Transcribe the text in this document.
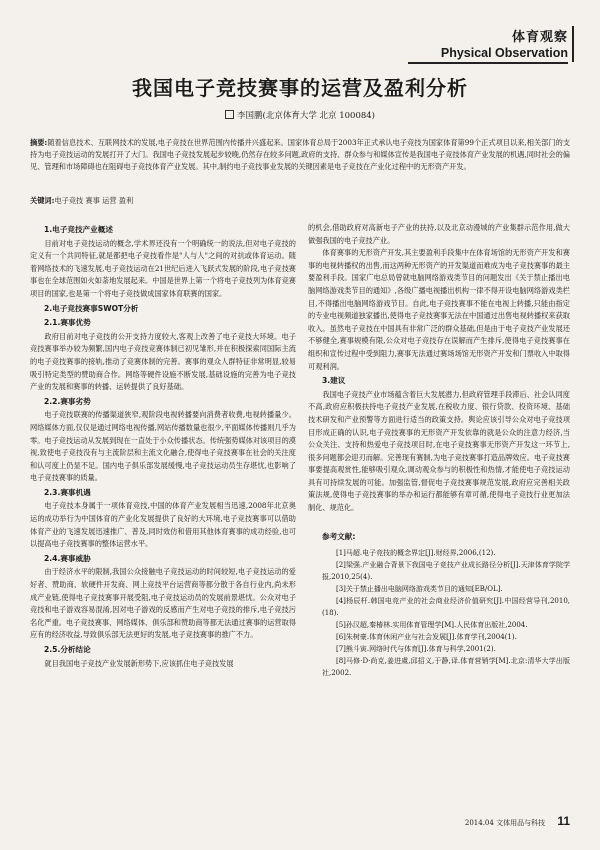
体育观察
Physical Observation
我国电子竞技赛事的运营及盈利分析
李国鹏(北京体育大学 北京 100084)
摘要:随着信息技术、互联网技术的发展,电子竞技在世界范围内传播并兴盛起来。国家体育总局于2003年正式承认电子竞技为国家体育第99个正式项目以来,相关部门的支持为电子竞技运动的发展打开了大门。我国电子竞技发展起步较晚,仍然存在较多问题,政府的支持、群众参与和媒体宣传是我国电子竞技体育产业发展的机遇,同时社会的偏见、管理和市场障碍也在阻碍电子竞技体育产业发展。其中,制约电子竞技事业发展的关键因素是电子竞技在产业化过程中的无形资产开发。
关键词:电子竞技 赛事 运营 盈利
1.电子竞技产业概述

目前对电子竞技运动的概念,学术界还没有一个明确统一的说法,但对电子竞技的定义有一个共同特征,就是都把电子竞技看作是"人与人"之间的对抗或体育运动。随着网络技术的飞速发展,电子竞技运动在21世纪后进入飞跃式发展的阶段,电子竞技赛事也在全球范围如火如荼地发展起来。中国是世界上第一个将电子竞技列为体育竞赛项目的国家,也是第一个将电子竞技做成国家体育联赛的国家。

2.电子竞技赛事SWOT分析
2.1.赛事优势

政府目前对电子竞技的公开支持力度较大,客观上改善了电子竞技大环境。电子竞技赛事举办较为频繁,国内电子竞技竞赛体制已初见雏形,并在积极探索同国际主流的电子竞技赛事的接轨,推动了竞赛体制的完善。赛事的观众人群特征非常明显,较易吸引特定类型的赞助商合作。网络等硬件设施不断发展,基础设施的完善为电子竞技产业的发展和赛事的转播、运转提供了良好基础。

2.2.赛事劣势

电子竞技联赛的传播渠道狭窄,观阶段电视转播要向消费者收费,电视转播量少。网络媒体方面,仅仅是通过网络电视传播,网站传播数量也很少,平面媒体传播则几乎为零。电子竞技运动从发展到现在一直处于小众传播状态。传统强势媒体对该项目的漠视,致使电子竞技没有与主流阶层和主流文化融合,使得电子竞技赛事在社会的关注度和认可度上仍显不足。国内电子俱乐部发展缓慢,电子竞技运动员生存堪忧,也影响了电子竞技赛事的质量。

2.3.赛事机遇

电子竞技本身属于一项体育竞技,中国的体育产业发展相当迅速,2008年北京奥运的成功举行为中国体育的产业化发展提供了良好的大环境,电子竞技赛事可以借助体育产业的飞速发展迅速推广、普及,同时效仿和借用其他体育赛事的成功经验,也可以提高电子竞技赛事的整体运营水平。

2.4.赛事威胁

由于经济水平的限制,我国公众接触电子竞技运动的时间较短,电子竞技运动的爱好者、赞助商、软硬件开发商、网上竞技平台运营商等都分散于各自行业内,尚未形成产业链,使得电子竞技赛事开展受阻,电子竞技运动员的发展前景堪忧。公众对电子竞技和电子游戏容易混淆,因对电子游戏的反感而产生对电子竞技的排斥,电子竞技污名化严重。电子竞技赛事、网络媒体、俱乐部和赞助商等都无法通过赛事的运营取得应有的经济收益,导致俱乐部无法更好的发展,电子竞技赛事的推广不力。

2.5.分析结论

就目我国电子竞技产业发展新形势下,应该抓住电子竞技发展

的机会,借助政府对高新电子产业的扶持,以及北京动漫城的产业集群示范作用,做大做强我国的电子竞技产业。

体育赛事的无形资产开发,其主要盈利手段集中在体育场馆的无形资产开发和赛事的电视转播权的出售,而这两种无形资产的开发渠道而难成为电子竞技赛事的最主要盈利手段。国家广电总局曾就电脑网络游戏类节目的问题发出《关于禁止播出电脑网络游戏类节目的通知》,各级广播电视播出机构一律不得开设电脑网络游戏类栏目,不得播出电脑网络游戏节目。自此,电子竞技赛事不能在电视上转播,只能由指定的专业电视频道独家播出,使得电子竞技赛事无法在中国通过出售电视转播权来获取收入。虽然电子竞技在中国具有非常广泛的群众基础,但是由于电子竞技产业发展还不够健全,赛事规模有限,公众对电子竞技存在误解而产生排斥,使得电子竞技赛事在组织和宣传过程中受到阻力,赛事无法通过赛场场馆无形资产开发和门票收入中取得可观利润。

3.建议

我国电子竞技产业市场蕴含着巨大发展潜力,但政府管理手段滞后、社会认同度不高,政府应积极扶持电子竞技产业发展,在税收力度、银行贷款、投资环境、基础技术研发和产业预警等方面进行适当的政策支持。舆论应该引导公众对电子竞技项目形成正确的认识,电子竞技赛事的无形资产开发依靠的就是公众的注意力经济,当公众关注、支持和热爱电子竞技项目时,在电子竞技赛事无形资产开发这一环节上,很多问题都会迎刃而解。完善现有赛制,为电子竞技赛事打造品牌效应。电子竞技赛事要提高观赏性,能够吸引观众,调动观众参与的积极性和热情,才能使电子竞技运动具有可持续发展的可能。加强监管,督促电子竞技赛事规范发展,政府应完善相关政策法规,使得电子竞技赛事的举办和运行都能够有章可循,使得电子竞技行业更加法制化、规范化。

参考文献:

[1]马超.电子竞技的概念界定[J].财经界,2006,(12).

[2]梁强.产业融合背景下我国电子竞技产业成长路径分析[J].天津体育学院学报,2010,25(4).

[3]关于禁止播出电脑网络游戏类节目的通知[EB/OL].

[4]杨辰杆.韩国电竞产业的社会商业经济价值研究[J].中国经营导刊,2010,(18).

[5]孙汉超,秦椿林.实用体育管理学[M].人民体育出版社,2004.

[6]朱树豪.体育休闲产业与社会发展[J].体育学刊,2004(1).

[7]熊斗寅.网络时代与体育[J].体育与科学,2001(2).

[8]马修·D·尚克,姜进虞,邱招义,于静,译.体育营销学[M].北京:清华大学出版社,2002.

2014.04 文体用品与科技 11
